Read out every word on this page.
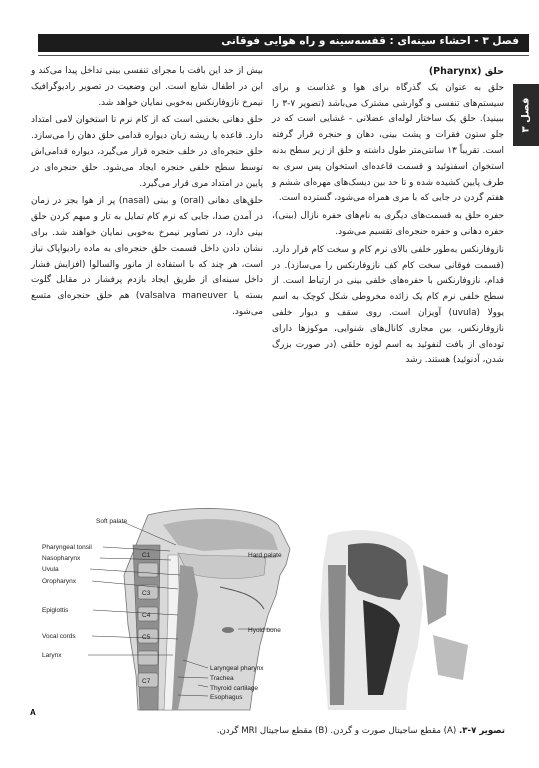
فصل ۳ - احشاء سینه‌ای : قفسه‌سینه و راه هوایی فوقانی
فصل ۳
حلق (Pharynx)

حلق به عنوان یک گذرگاه برای هوا و غذاست و برای سیستم‌های تنفسی و گوارشی مشترک می‌باشد (تصویر ۷-۳ را ببینید). حلق یک ساختار لوله‌ای عضلانی - غشایی است که در جلو ستون فقرات و پشت بینی، دهان و حنجره قرار گرفته است. تقریباً ۱۳ سانتی‌متر طول داشته و حلق از زیر سطح بدنه استخوان اسفنوئید و قسمت قاعده‌ای استخوان پس سری به طرف پایین کشیده شده و تا حد بین دیسک‌های مهره‌ای ششم و هفتم گردن در جایی که با مری همراه می‌شود، گسترده است.

حفره حلق به قسمت‌های دیگری به نام‌های حفره نازال (بینی)، حفره دهانی و حفره حنجره‌ای تقسیم می‌شود.

نازوفارنکس به‌طور خلفی بالای نرم کام و سخت کام قرار دارد. (قسمت فوقانی سخت کام کف نازوفارنکس را می‌سازد). در قدام، نازوفارنکس با حفره‌های خلفی بینی در ارتباط است. از سطح خلفی نرم کام یک زائده مخروطی شکل کوچک به اسم یوولا (uvula) آویزان است. روی سقف و دیوار خلفی نازوفارنکس، بین مجاری کانال‌های شنوایی، موکوزها دارای توده‌ای از بافت لنفوئید به اسم لوزه حلقی (در صورت بزرگ شدن، آدنوئید) هستند. رشد

بیش از حد این بافت با مجرای تنفسی بینی تداخل پیدا می‌کند و این در اطفال شایع است. این وضعیت در تصویر رادیوگرافیک نیمرخ نازوفارنکس به‌خوبی نمایان خواهد شد.

حلق دهانی بخشی است که از کام نرم تا استخوان لامی امتداد دارد. قاعده یا ریشه زبان دیواره قدامی حلق دهان را می‌سازد. حلق حنجره‌ای در خلف حنجره قرار می‌گیرد، دیواره قدامی‌اش توسط سطح خلفی حنجره ایجاد می‌شود. حلق حنجره‌ای در پایین در امتداد مری قرار می‌گیرد.

حلق‌های دهانی (oral) و بینی (nasal) پر از هوا بجز در زمان در آمدن صدا، جایی که نرم کام تمایل به تار و مبهم کردن حلق بینی دارد، در تصاویر نیمرخ به‌خوبی نمایان خواهند شد. برای نشان دادن داخل قسمت حلق حنجره‌ای به ماده رادیواپاک نیاز است، هر چند که با استفاده از مانور والسالوا (افزایش فشار داخل سینه‌ای از طریق ایجاد بازدم پرفشار در مقابل گلوت بسته یا valsalva maneuver) هم حلق حنجره‌ای متسع می‌شود.

Soft palate
Pharyngeal tonsil
Nasopharynx
Uvula
Oropharynx
Epiglottis
Vocal cords
Larynx
Hard palate
Hyoid bone
Laryngeal pharynx
Trachea
Thyroid cartilage
Esophagus
C1
C3
C4
C5
C7
A
تصویر ۷-۳. (A) مقطع ساجیتال صورت و گردن. (B) مقطع ساجیتال MRI گردن.
